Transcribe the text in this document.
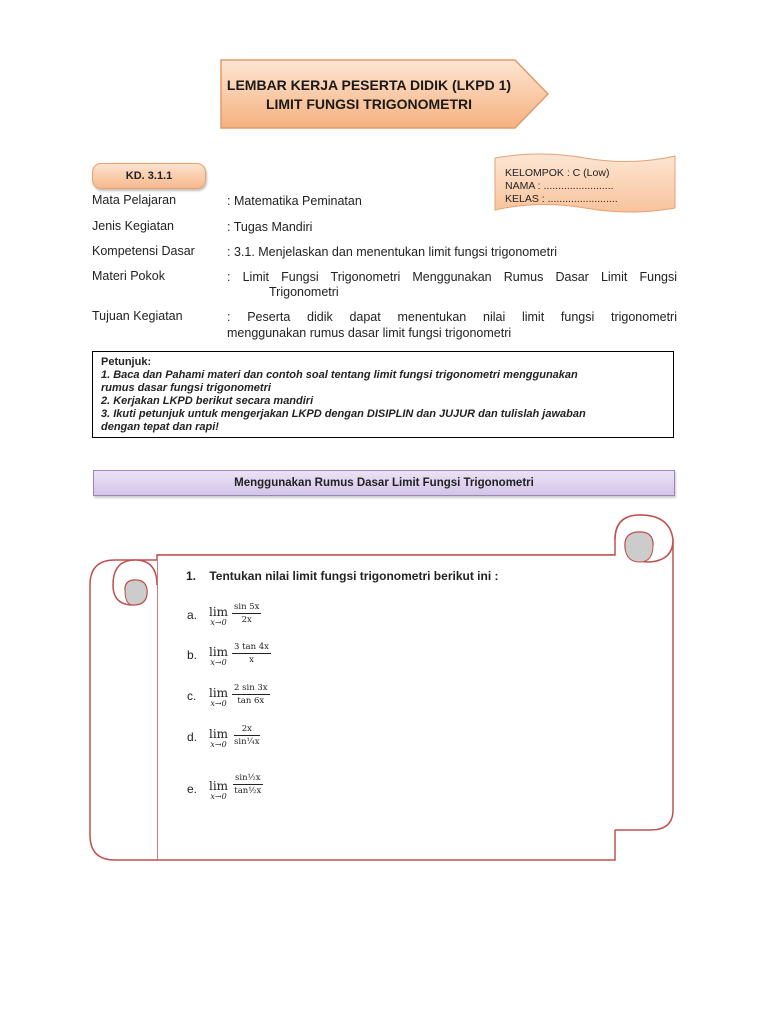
LEMBAR KERJA PESERTA DIDIK (LKPD 1)
LIMIT FUNGSI TRIGONOMETRI
KD. 3.1.1	KELOMPOK : C (Low)
NAMA : ........................
KELAS : ........................
Mata Pelajaran	: Matematika Peminatan
Jenis Kegiatan	: Tugas Mandiri
Kompetensi Dasar	: 3.1. Menjelaskan dan menentukan limit fungsi trigonometri
Materi Pokok	: Limit Fungsi Trigonometri Menggunakan Rumus Dasar Limit Fungsi
Trigonometri
Tujuan Kegiatan	: Peserta didik dapat menentukan nilai limit fungsi trigonometri
menggunakan rumus dasar limit fungsi trigonometri
Petunjuk:
1. Baca dan Pahami materi dan contoh soal tentang limit fungsi trigonometri menggunakan
rumus dasar fungsi trigonometri
2. Kerjakan LKPD berikut secara mandiri
3. Ikuti petunjuk untuk mengerjakan LKPD dengan DISIPLIN dan JUJUR dan tulislah jawaban
dengan tepat dan rapi!
Menggunakan Rumus Dasar Limit Fungsi Trigonometri
1. Tentukan nilai limit fungsi trigonometri berikut ini :
a. lim
$x\to 0 \frac{\sin 5x}{2x}$
b. lim
$x\to 0 \frac{3 \tan 4x}{x}$
c. lim
$x\to 0 \frac{2 \sin 3x}{\tan 6x}$
d. lim
$x\to 0 \frac{2x}{\text{sin¼x}}$
e. lim
x→0
$\frac{\text{sin½x}}{\text{tan½x}}$
